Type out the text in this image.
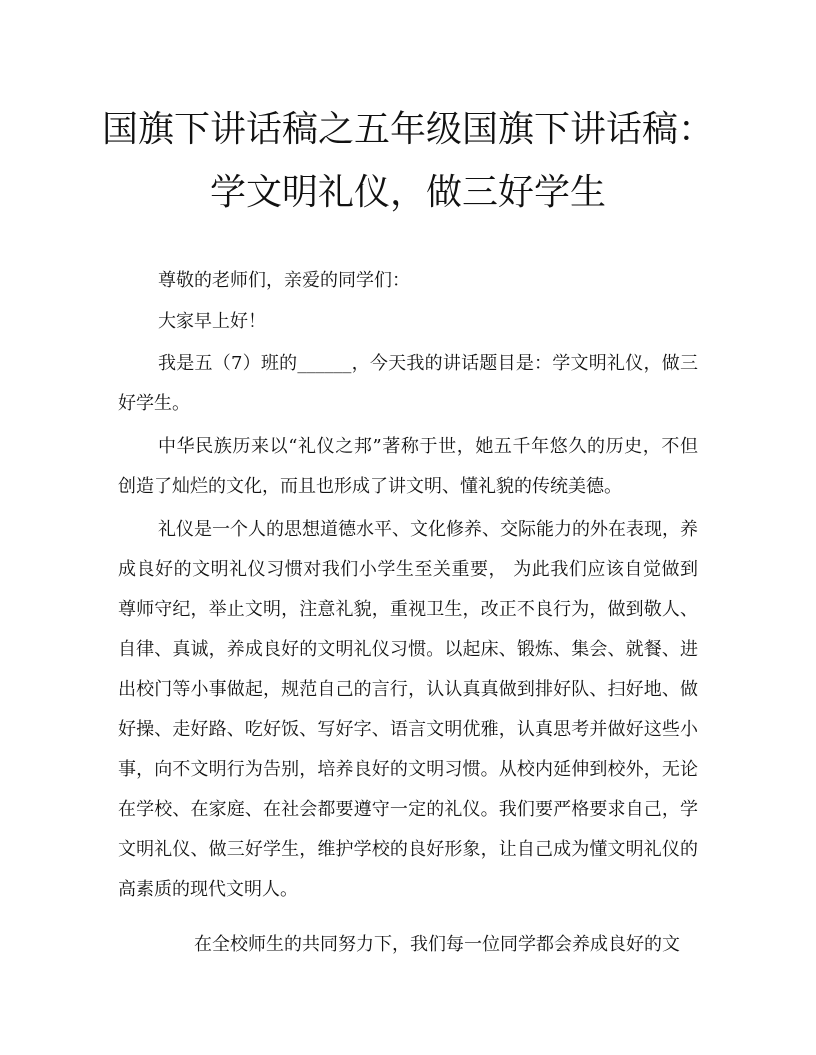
国旗下讲话稿之五年级国旗下讲话稿：
学文明礼仪，做三好学生

尊敬的老师们，亲爱的同学们：

大家早上好！

我是五（7）班的______，今天我的讲话题目是：学文明礼仪，做三好学生。

中华民族历来以“礼仪之邦”著称于世，她五千年悠久的历史，不但创造了灿烂的文化，而且也形成了讲文明、懂礼貌的传统美德。

礼仪是一个人的思想道德水平、文化修养、交际能力的外在表现，养成良好的文明礼仪习惯对我们小学生至关重要， 为此我们应该自觉做到尊师守纪，举止文明，注意礼貌，重视卫生，改正不良行为，做到敬人、自律、真诚，养成良好的文明礼仪习惯。以起床、锻炼、集会、就餐、进出校门等小事做起，规范自己的言行，认认真真做到排好队、扫好地、做好操、走好路、吃好饭、写好字、语言文明优雅，认真思考并做好这些小事，向不文明行为告别，培养良好的文明习惯。从校内延伸到校外，无论在学校、在家庭、在社会都要遵守一定的礼仪。我们要严格要求自己，学文明礼仪、做三好学生，维护学校的良好形象，让自己成为懂文明礼仪的高素质的现代文明人。

在全校师生的共同努力下，我们每一位同学都会养成良好的文
